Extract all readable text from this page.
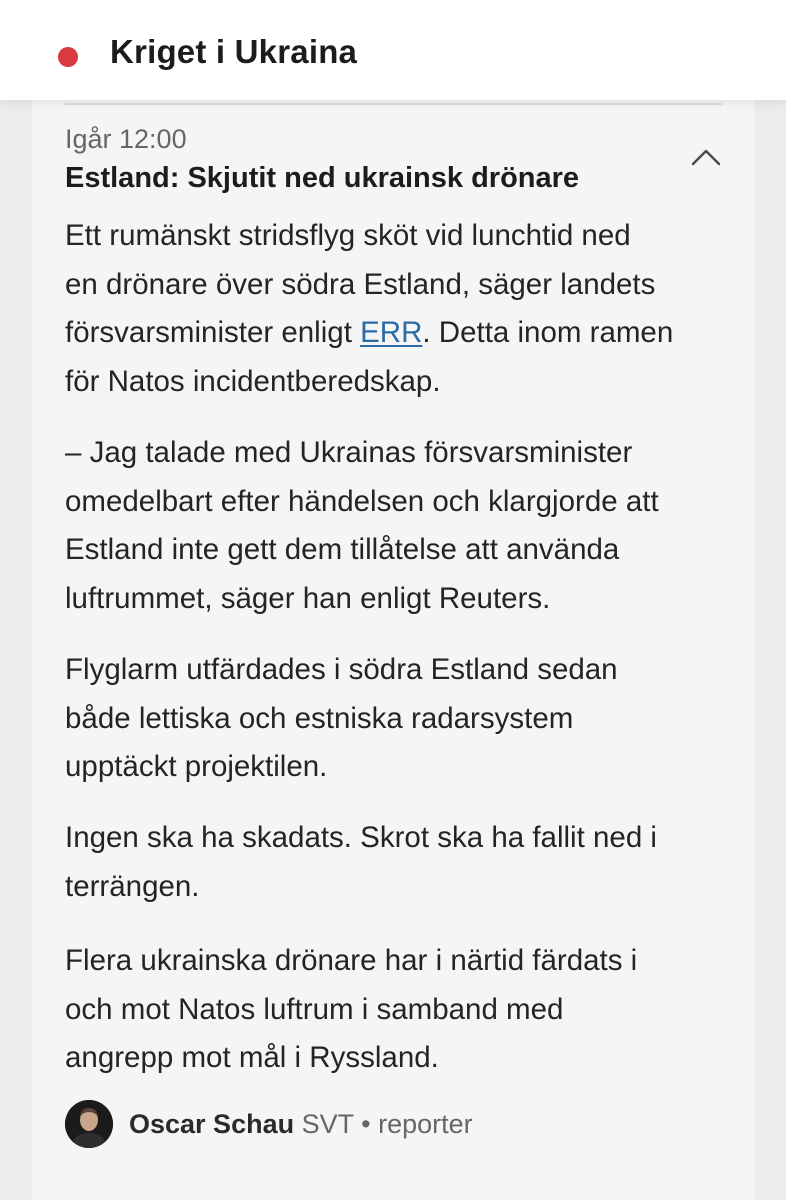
Kriget i Ukraina
Igår 12:00
Estland: Skjutit ned ukrainsk drönare
Ett rumänskt stridsflyg sköt vid lunchtid ned
en drönare över södra Estland, säger landets
försvarsminister enligt ERR. Detta inom ramen
för Natos incidentberedskap.
– Jag talade med Ukrainas försvarsminister
omedelbart efter händelsen och klargjorde att
Estland inte gett dem tillåtelse att använda
luftrummet, säger han enligt Reuters.
Flyglarm utfärdades i södra Estland sedan
både lettiska och estniska radarsystem
upptäckt projektilen.
Ingen ska ha skadats. Skrot ska ha fallit ned i
terrängen.
Flera ukrainska drönare har i närtid färdats i
och mot Natos luftrum i samband med
angrepp mot mål i Ryssland.
Oscar Schau SVT • reporter
